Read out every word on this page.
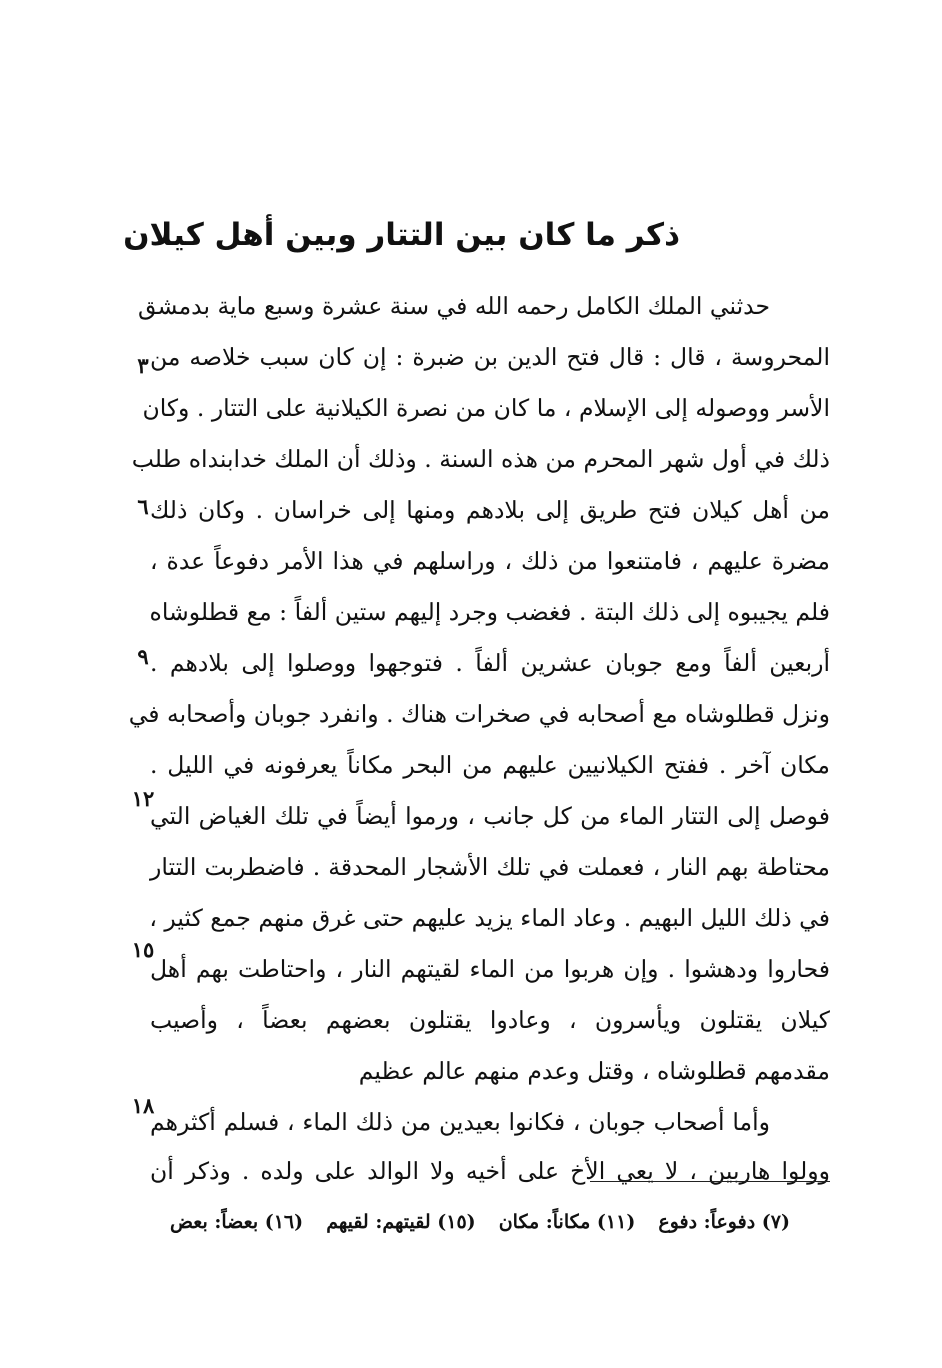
ذكر ما كان بين التتار وبين أهل كيلان
حدثني الملك الكامل رحمه الله في سنة عشرة وسبع ماية بدمشق
المحروسة ، قال : قال فتح الدين بن ضبرة : إن كان سبب خلاصه من
الأسر ووصوله إلى الإسلام ، ما كان من نصرة الكيلانية على التتار . وكان
ذلك في أول شهر المحرم من هذه السنة . وذلك أن الملك خدابنداه طلب
من أهل كيلان فتح طريق إلى بلادهم ومنها إلى خراسان . وكان ذلك
مضرة عليهم ، فامتنعوا من ذلك ، وراسلهم في هذا الأمر دفوعاً عدة ،
فلم يجيبوه إلى ذلك البتة . فغضب وجرد إليهم ستين ألفاً : مع قطلوشاه
أربعين ألفاً ومع جوبان عشرين ألفاً . فتوجهوا ووصلوا إلى بلادهم .
ونزل قطلوشاه مع أصحابه في صخرات هناك . وانفرد جوبان وأصحابه في
مكان آخر . ففتح الكيلانيين عليهم من البحر مكاناً يعرفونه في الليل .
فوصل إلى التتار الماء من كل جانب ، ورموا أيضاً في تلك الغياض التي
محتاطة بهم النار ، فعملت في تلك الأشجار المحدقة . فاضطربت التتار
في ذلك الليل البهيم . وعاد الماء يزيد عليهم حتى غرق منهم جمع كثير ،
فحاروا ودهشوا . وإن هربوا من الماء لقيتهم النار ، واحتاطت بهم أهل
كيلان يقتلون ويأسرون ، وعادوا يقتلون بعضهم بعضاً ، وأصيب
مقدمهم قطلوشاه ، وقتل وعدم منهم عالم عظيم
وأما أصحاب جوبان ، فكانوا بعيدين من ذلك الماء ، فسلم أكثرهم
وولوا هاربين ، لا يعي الأخ على أخيه ولا الوالد على ولده . وذكر أن
٣
٦
٩
١٢
١٥
١٨
(٧) دفوعاً: دفوع
(١١) مكاناً: مكان
(١٥) لقيتهم: لقيهم
(١٦) بعضاً: بعض
